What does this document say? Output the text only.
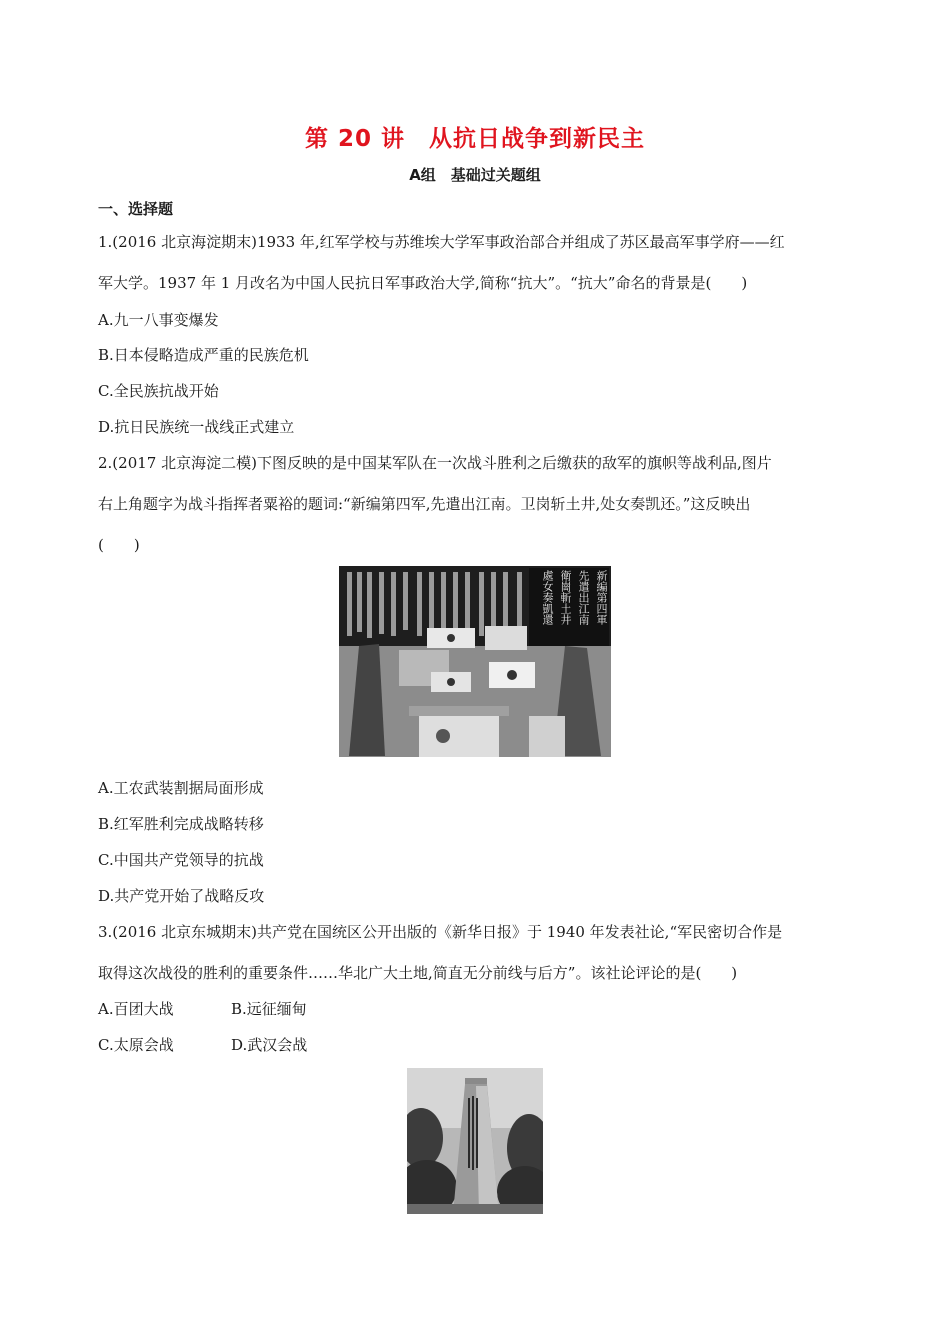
第 20 讲　从抗日战争到新民主
A组　基础过关题组
一、选择题
1.(2016 北京海淀期末)1933 年,红军学校与苏维埃大学军事政治部合并组成了苏区最高军事学府——红
军大学。1937 年 1 月改名为中国人民抗日军事政治大学,简称“抗大”。“抗大”命名的背景是(　　)
A.九一八事变爆发
B.日本侵略造成严重的民族危机
C.全民族抗战开始
D.抗日民族统一战线正式建立
2.(2017 北京海淀二模)下图反映的是中国某军队在一次战斗胜利之后缴获的敌军的旗帜等战利品,图片
右上角题字为战斗指挥者粟裕的题词:“新编第四军,先遣出江南。卫岗斩土井,处女奏凯还。”这反映出
(　　)
新編第四軍
先遣出江南
衛崗斬土井
處女奏凱還
A.工农武装割据局面形成
B.红军胜利完成战略转移
C.中国共产党领导的抗战
D.共产党开始了战略反攻
3.(2016 北京东城期末)共产党在国统区公开出版的《新华日报》于 1940 年发表社论,“军民密切合作是
取得这次战役的胜利的重要条件……华北广大土地,简直无分前线与后方”。该社论评论的是(　　)
A.百团大战	B.远征缅甸
C.太原会战	D.武汉会战
